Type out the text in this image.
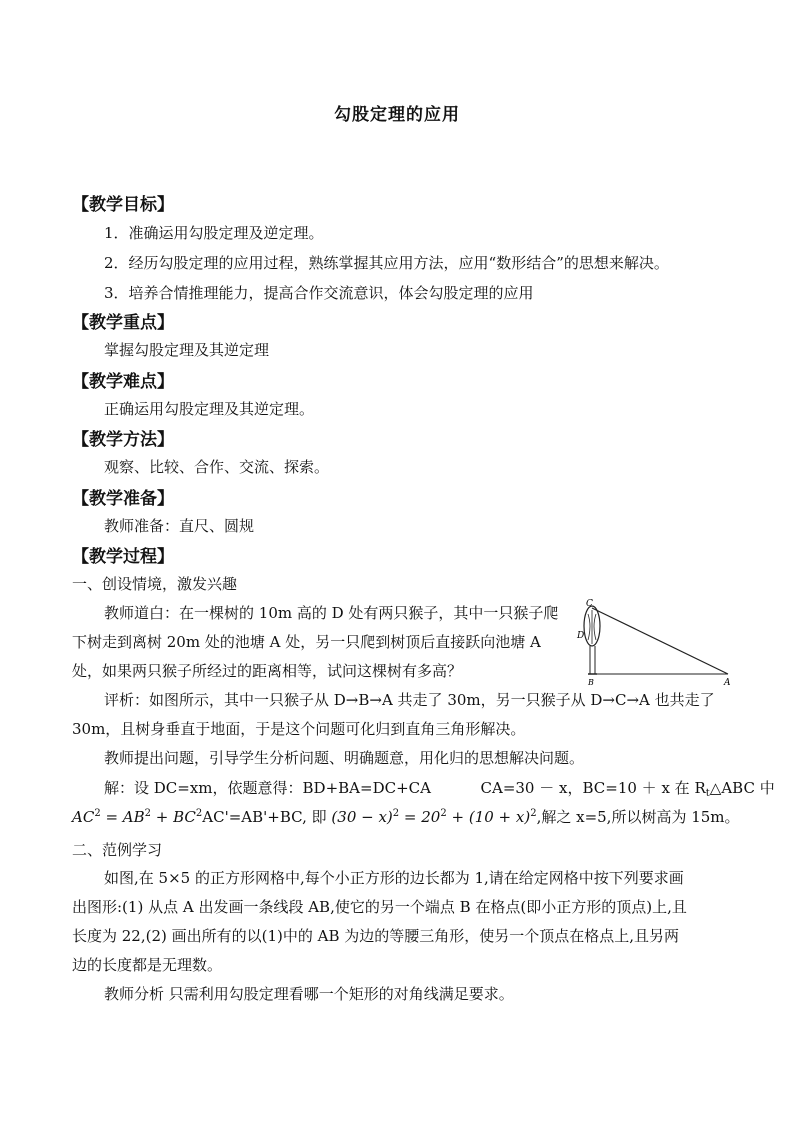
勾股定理的应用
【教学目标】
1．准确运用勾股定理及逆定理。
2．经历勾股定理的应用过程，熟练掌握其应用方法，应用“数形结合”的思想来解决。
3．培养合情推理能力，提高合作交流意识，体会勾股定理的应用
【教学重点】
掌握勾股定理及其逆定理
【教学难点】
正确运用勾股定理及其逆定理。
【教学方法】
观察、比较、合作、交流、探索。
【教学准备】
教师准备：直尺、圆规
【教学过程】
一、创设情境，激发兴趣
教师道白：在一棵树的 10m 高的 D 处有两只猴子，其中一只猴子爬
下树走到离树 20m 处的池塘 A 处，另一只爬到树顶后直接跃向池塘 A
处，如果两只猴子所经过的距离相等，试问这棵树有多高？
评析：如图所示，其中一只猴子从 D→B→A 共走了 30m，另一只猴子从 D→C→A 也共走了
30m，且树身垂直于地面，于是这个问题可化归到直角三角形解决。
教师提出问题，引导学生分析问题、明确题意，用化归的思想解决问题。
解：设 DC=xm，依题意得：BD+BA=DC+CA	CA=30 － x，BC=10 ＋ x 在 $R_t\triangle ABC$ 中
$AC^2 = AB^2 + BC^2AC'=AB'+BC$, 即 $(30 - x)^2 = 20^2 + (10 + x)^2$,解之 x=5,所以树高为 15m。
二、范例学习
如图,在 5×5 的正方形网格中,每个小正方形的边长都为 1,请在给定网格中按下列要求画
出图形:(1) 从点 A 出发画一条线段 AB,使它的另一个端点 B 在格点(即小正方形的顶点)上,且
长度为 22,(2) 画出所有的以(1)中的 AB 为边的等腰三角形，使另一个顶点在格点上,且另两
边的长度都是无理数。
教师分析 只需利用勾股定理看哪一个矩形的对角线满足要求。
C
D
B	A
